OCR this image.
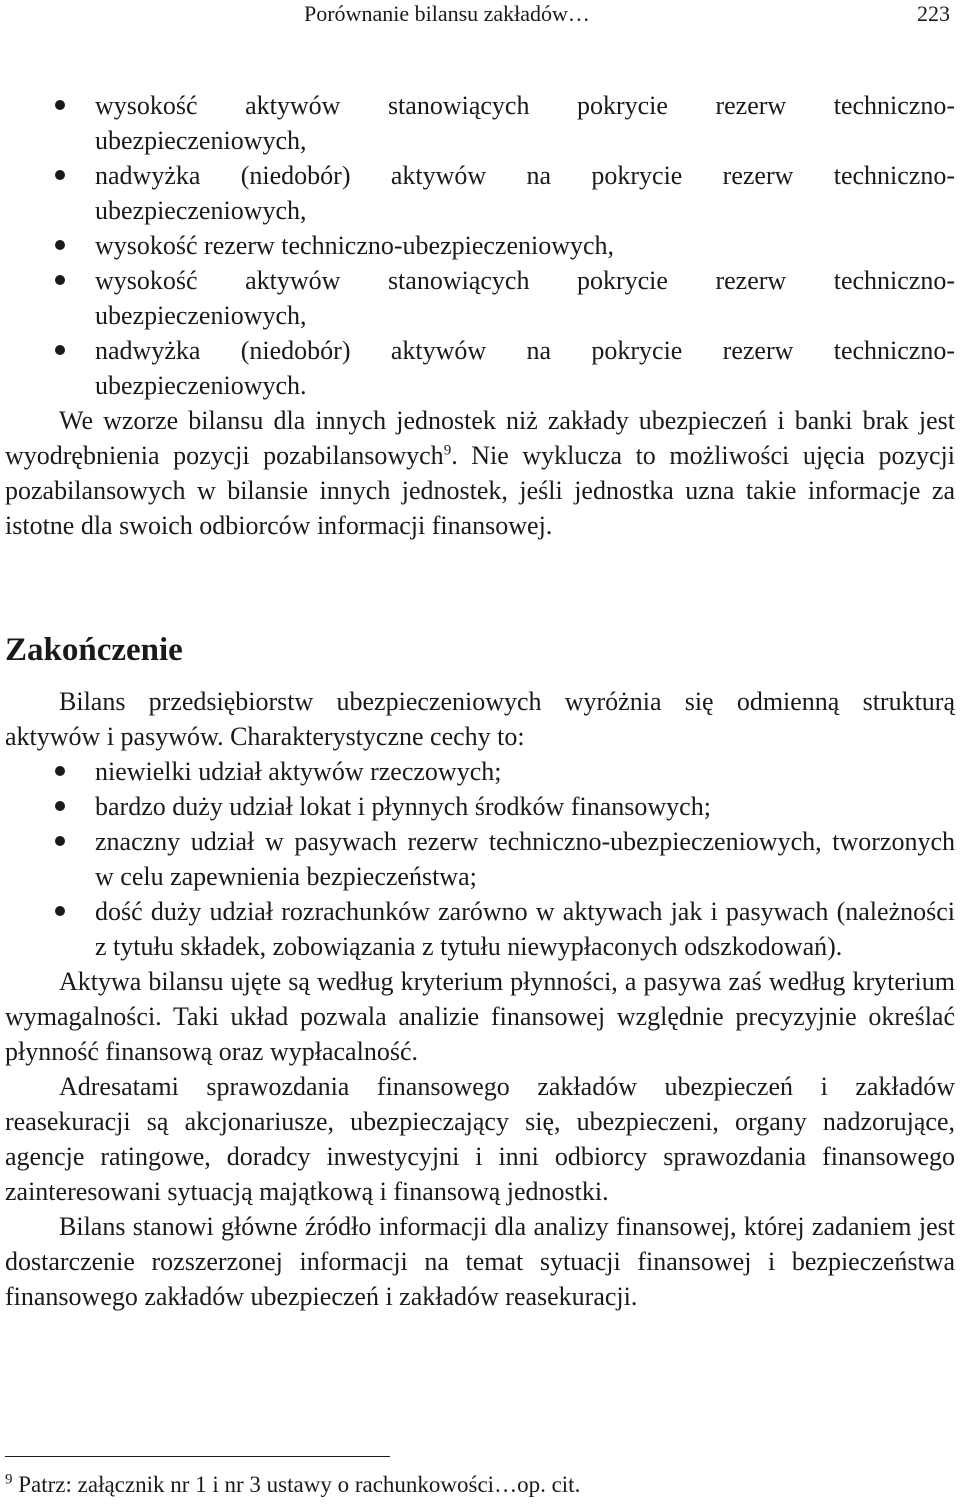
Porównanie bilansu zakładów…	223
wysokość aktywów stanowiących pokrycie rezerw techniczno-ubezpieczeniowych,
nadwyżka (niedobór) aktywów na pokrycie rezerw techniczno-ubezpieczeniowych,
wysokość rezerw techniczno-ubezpieczeniowych,
wysokość aktywów stanowiących pokrycie rezerw techniczno-ubezpieczeniowych,
nadwyżka (niedobór) aktywów na pokrycie rezerw techniczno-ubezpieczeniowych.

We wzorze bilansu dla innych jednostek niż zakłady ubezpieczeń i banki brak jest wyodrębnienia pozycji pozabilansowych$^9$. Nie wyklucza to możliwości ujęcia pozycji pozabilansowych w bilansie innych jednostek, jeśli jednostka uzna takie informacje za istotne dla swoich odbiorców informacji finansowej.

Zakończenie

Bilans przedsiębiorstw ubezpieczeniowych wyróżnia się odmienną strukturą aktywów i pasywów. Charakterystyczne cechy to:

niewielki udział aktywów rzeczowych;
bardzo duży udział lokat i płynnych środków finansowych;
znaczny udział w pasywach rezerw techniczno-ubezpieczeniowych, tworzonych w celu zapewnienia bezpieczeństwa;
dość duży udział rozrachunków zarówno w aktywach jak i pasywach (należności z tytułu składek, zobowiązania z tytułu niewypłaconych odszkodowań).

Aktywa bilansu ujęte są według kryterium płynności, a pasywa zaś według kryterium wymagalności. Taki układ pozwala analizie finansowej względnie precyzyjnie określać płynność finansową oraz wypłacalność.

Adresatami sprawozdania finansowego zakładów ubezpieczeń i zakładów reasekuracji są akcjonariusze, ubezpieczający się, ubezpieczeni, organy nadzorujące, agencje ratingowe, doradcy inwestycyjni i inni odbiorcy sprawozdania finansowego zainteresowani sytuacją majątkową i finansową jednostki.

Bilans stanowi główne źródło informacji dla analizy finansowej, której zadaniem jest dostarczenie rozszerzonej informacji na temat sytuacji finansowej i bezpieczeństwa finansowego zakładów ubezpieczeń i zakładów reasekuracji.

$^9$ Patrz: załącznik nr 1 i nr 3 ustawy o rachunkowości…op. cit.
